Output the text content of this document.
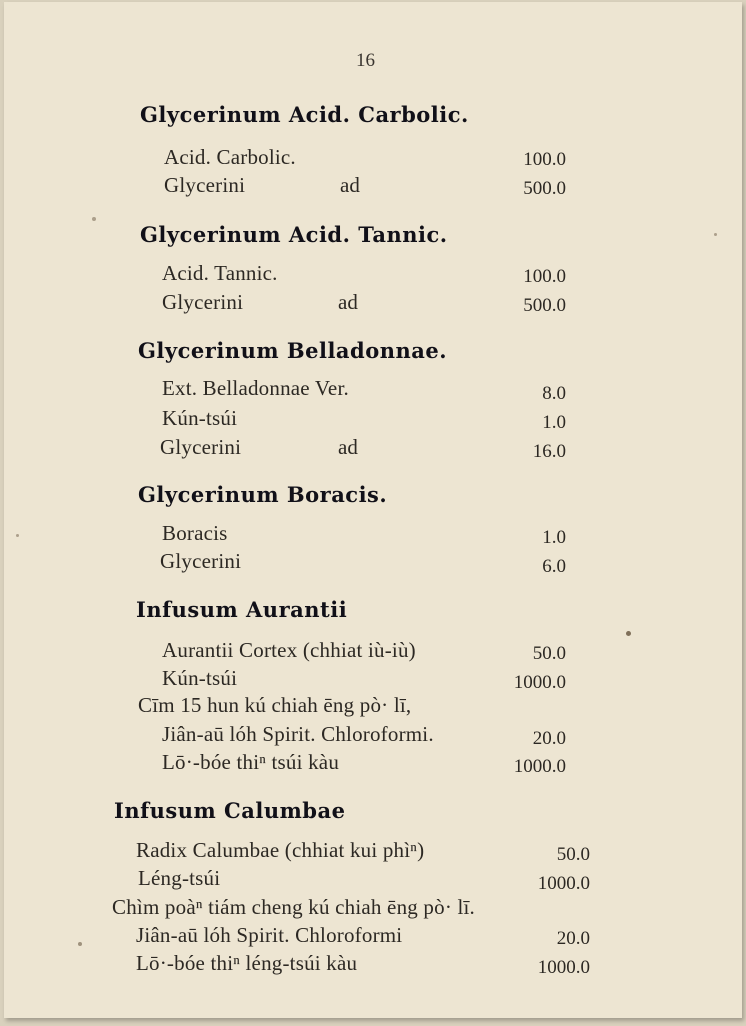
16
Glycerinum Acid. Carbolic.
Acid. Carbolic.	100.0
Glycerini	ad	500.0
Glycerinum Acid. Tannic.
Acid. Tannic.	100.0
Glycerini	ad	500.0
Glycerinum Belladonnae.
Ext. Belladonnae Ver.	8.0
Kún-tsúi	1.0
Glycerini	ad	16.0
Glycerinum Boracis.
Boracis	1.0
Glycerini	6.0
Infusum Aurantii
Aurantii Cortex (chhiat iù-iù)	50.0
Kún-tsúi	1000.0
Cīm 15 hun kú chiah ēng pò· lī,
Jiân-aū lóh Spirit. Chloroformi.	20.0
Lō·-bóe thiⁿ tsúi kàu	1000.0
Infusum Calumbae
Radix Calumbae (chhiat kui phìⁿ)	50.0
Léng-tsúi	1000.0
Chìm poàⁿ tiám cheng kú chiah ēng pò· lī.
Jiân-aū lóh Spirit. Chloroformi	20.0
Lō·-bóe thiⁿ léng-tsúi kàu	1000.0
